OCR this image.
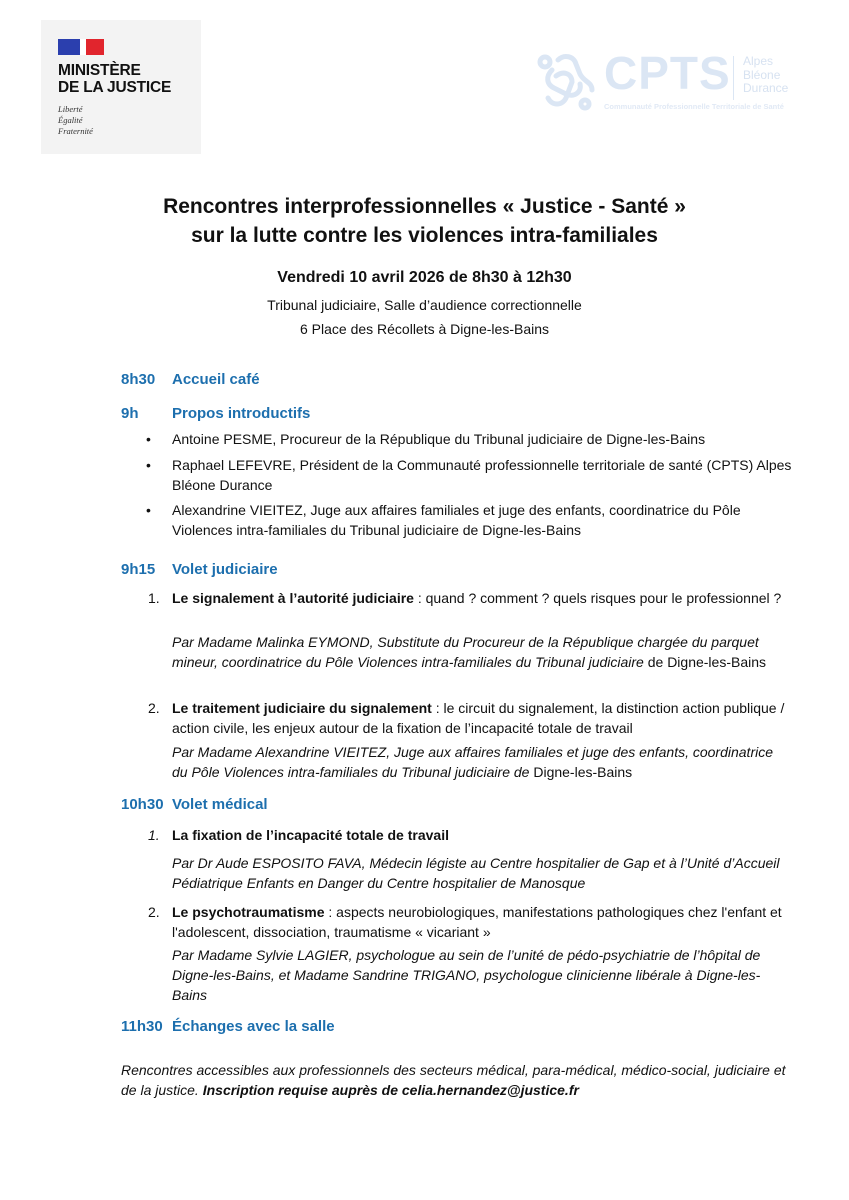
MINISTÈRE
DE LA JUSTICE
Liberté
Égalité
Fraternité
CPTS Alpes
Bléone
Durance
Communauté Professionnelle Territoriale de Santé
Rencontres interprofessionnelles « Justice - Santé »
sur la lutte contre les violences intra-familiales
Vendredi 10 avril 2026 de 8h30 à 12h30
Tribunal judiciaire, Salle d’audience correctionnelle
6 Place des Récollets à Digne-les-Bains
8h30 Accueil café
9h Propos introductifs
• Antoine PESME, Procureur de la République du Tribunal judiciaire de Digne-les-Bains
• Raphael LEFEVRE, Président de la Communauté professionnelle territoriale de santé (CPTS) Alpes Bléone Durance
• Alexandrine VIEITEZ, Juge aux affaires familiales et juge des enfants, coordinatrice du Pôle Violences intra-familiales du Tribunal judiciaire de Digne-les-Bains
9h15 Volet judiciaire
1. Le signalement à l’autorité judiciaire : quand ? comment ? quels risques pour le professionnel ?
Par Madame Malinka EYMOND, Substitute du Procureur de la République chargée du parquet mineur, coordinatrice du Pôle Violences intra-familiales du Tribunal judiciaire de Digne-les-Bains
2. Le traitement judiciaire du signalement : le circuit du signalement, la distinction action publique / action civile, les enjeux autour de la fixation de l’incapacité totale de travail
Par Madame Alexandrine VIEITEZ, Juge aux affaires familiales et juge des enfants, coordinatrice du Pôle Violences intra-familiales du Tribunal judiciaire de Digne-les-Bains
10h30 Volet médical
1. La fixation de l’incapacité totale de travail
Par Dr Aude ESPOSITO FAVA, Médecin légiste au Centre hospitalier de Gap et à l’Unité d’Accueil Pédiatrique Enfants en Danger du Centre hospitalier de Manosque
2. Le psychotraumatisme : aspects neurobiologiques, manifestations pathologiques chez l'enfant et l'adolescent, dissociation, traumatisme « vicariant »
Par Madame Sylvie LAGIER, psychologue au sein de l’unité de pédo-psychiatrie de l’hôpital de Digne-les-Bains, et Madame Sandrine TRIGANO, psychologue clinicienne libérale à Digne-les-Bains
11h30 Échanges avec la salle
Rencontres accessibles aux professionnels des secteurs médical, para-médical, médico-social, judiciaire et de la justice. Inscription requise auprès de celia.hernandez@justice.fr
